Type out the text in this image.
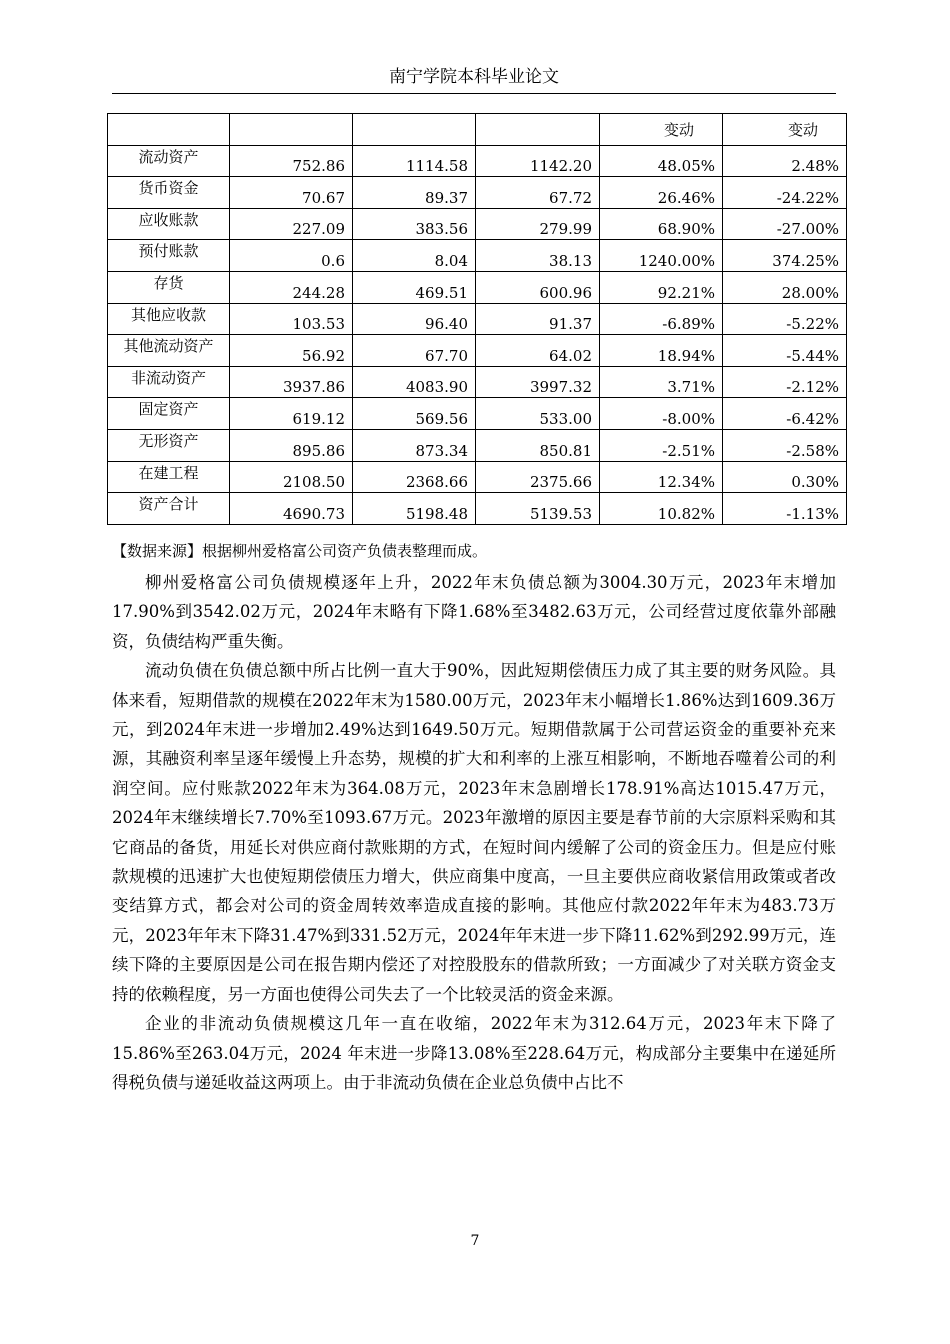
南宁学院本科毕业论文
				变动	变动
流动资产	752.86	1114.58	1142.20	48.05%	2.48%
货币资金	70.67	89.37	67.72	26.46%	-24.22%
应收账款	227.09	383.56	279.99	68.90%	-27.00%
预付账款	0.6	8.04	38.13	1240.00%	374.25%
存货	244.28	469.51	600.96	92.21%	28.00%
其他应收款	103.53	96.40	91.37	-6.89%	-5.22%
其他流动资产	56.92	67.70	64.02	18.94%	-5.44%
非流动资产	3937.86	4083.90	3997.32	3.71%	-2.12%
固定资产	619.12	569.56	533.00	-8.00%	-6.42%
无形资产	895.86	873.34	850.81	-2.51%	-2.58%
在建工程	2108.50	2368.66	2375.66	12.34%	0.30%
资产合计	4690.73	5198.48	5139.53	10.82%	-1.13%
【数据来源】根据柳州爱格富公司资产负债表整理而成。

柳州爱格富公司负债规模逐年上升，2022年末负债总额为3004.30万元，2023年末增加17.90%到3542.02万元，2024年末略有下降1.68%至3482.63万元，公司经营过度依靠外部融资，负债结构严重失衡。

流动负债在负债总额中所占比例一直大于90%，因此短期偿债压力成了其主要的财务风险。具体来看，短期借款的规模在2022年末为1580.00万元，2023年末小幅增长1.86%达到1609.36万元，到2024年末进一步增加2.49%达到1649.50万元。短期借款属于公司营运资金的重要补充来源，其融资利率呈逐年缓慢上升态势，规模的扩大和利率的上涨互相影响，不断地吞噬着公司的利润空间。应付账款2022年末为364.08万元，2023年末急剧增长178.91%高达1015.47万元，2024年末继续增长7.70%至1093.67万元。2023年激增的原因主要是春节前的大宗原料采购和其它商品的备货，用延长对供应商付款账期的方式，在短时间内缓解了公司的资金压力。但是应付账款规模的迅速扩大也使短期偿债压力增大，供应商集中度高，一旦主要供应商收紧信用政策或者改变结算方式，都会对公司的资金周转效率造成直接的影响。其他应付款2022年年末为483.73万元，2023年年末下降31.47%到331.52万元，2024年年末进一步下降11.62%到292.99万元，连续下降的主要原因是公司在报告期内偿还了对控股股东的借款所致；一方面减少了对关联方资金支持的依赖程度，另一方面也使得公司失去了一个比较灵活的资金来源。

企业的非流动负债规模这几年一直在收缩，2022年末为312.64万元，2023年末下降了15.86%至263.04万元，2024 年末进一步降13.08%至228.64万元，构成部分主要集中在递延所得税负债与递延收益这两项上。由于非流动负债在企业总负债中占比不

7
